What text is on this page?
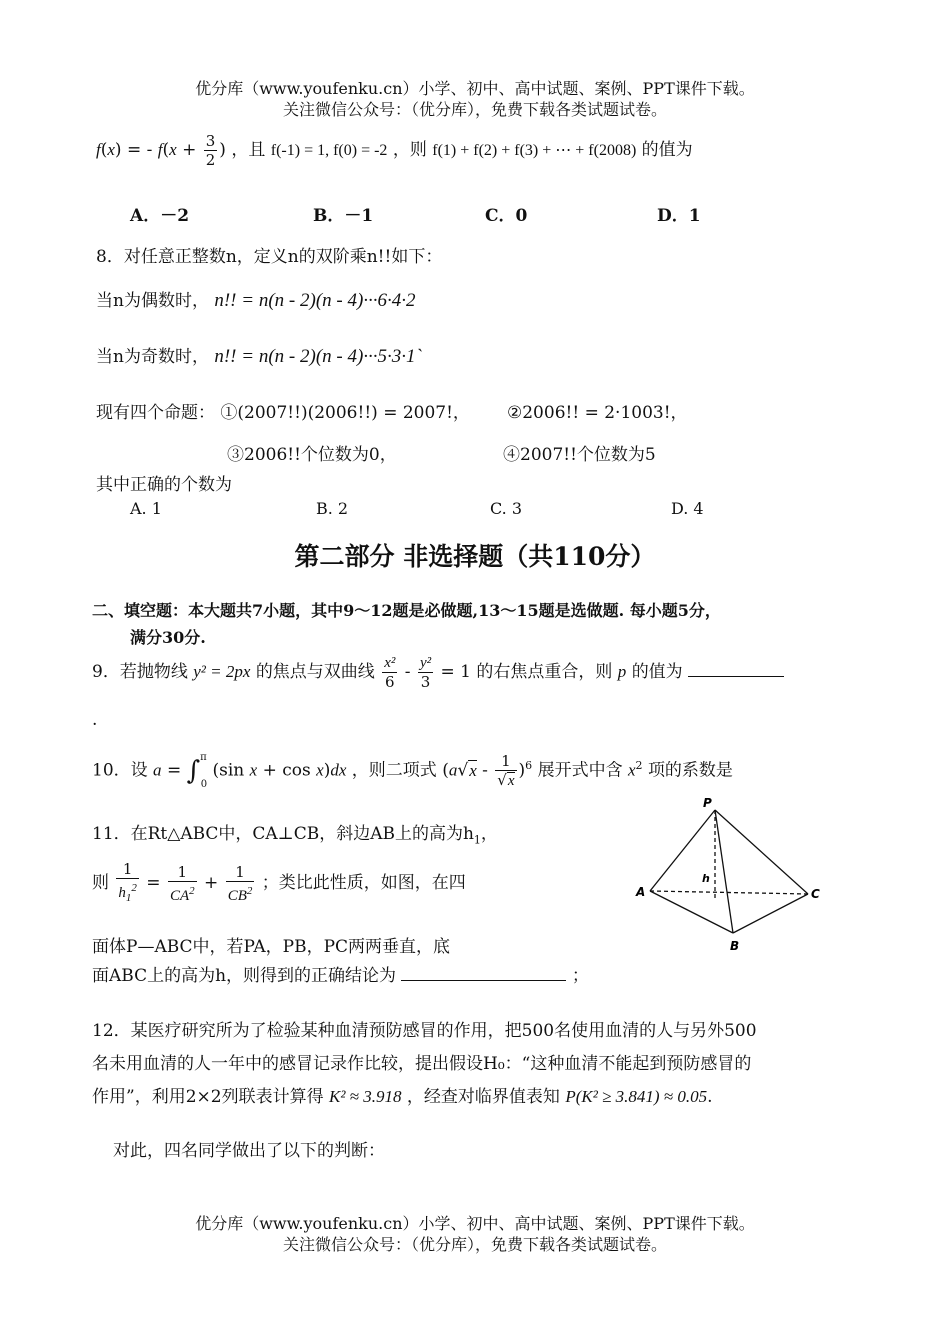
优分库（www.youfenku.cn）小学、初中、高中试题、案例、PPT课件下载。
关注微信公众号：（优分库），免费下载各类试题试卷。
f(x) = - $f(x + \frac{3}{2}$ ) ，且 f(-1) = 1, f(0) = -2 ，则 f(1) + f(2) + f(3) + ⋯ + f(2008) 的值为
A．－2	B．－1	C．0	D．1
8．对任意正整数n，定义n的双阶乘n!!如下：
当n为偶数时， n!! = n(n - 2)(n - 4)···6·4·2
当n为奇数时， n!! = n(n - 2)(n - 4)···5·3·1`
现有四个命题： ①(2007!!)(2006!!) = 2007!， ②2006!! = 2·1003!，
③2006!!个位数为0，	④2007!!个位数为5
其中正确的个数为
A. 1	B. 2	C. 3	D. 4
第二部分 非选择题（共110分）
二、填空题：本大题共7小题，其中9～12题是必做题,13～15题是选做题. 每小题5分，
满分30分.
9．若抛物线 y² = 2px 的焦点与双曲线 $\frac{\text{x²}}{6} - \frac{\text{y²}}{3} = 1$ 的右焦点重合，则 p 的值为
.
10．设 a = ∫$^\pi$0 (sin x + cos x)dx ，则二项式 $(a√x - \frac{1}{√x} )^6$ 展开式中含 $x^2$ 项的系数是
11．在Rt△ABC中，CA⊥CB，斜边AB上的高为$h_1$，
则 $\frac{1}{h_1^2} = \frac{1}{CA^2} + \frac{1}{CB^2}$ ；类比此性质，如图，在四
面体P—ABC中，若PA，PB，PC两两垂直，底
面ABC上的高为h，则得到的正确结论为	；
P
A
B
C
h
12．某医疗研究所为了检验某种血清预防感冒的作用，把500名使用血清的人与另外500
名未用血清的人一年中的感冒记录作比较，提出假设H₀：“这种血清不能起到预防感冒的
作用”，利用2×2列联表计算得 K² ≈ 3.918 ，经查对临界值表知 P(K² ≥ 3.841) ≈ 0.05.
对此，四名同学做出了以下的判断：
优分库（www.youfenku.cn）小学、初中、高中试题、案例、PPT课件下载。
关注微信公众号：（优分库），免费下载各类试题试卷。
